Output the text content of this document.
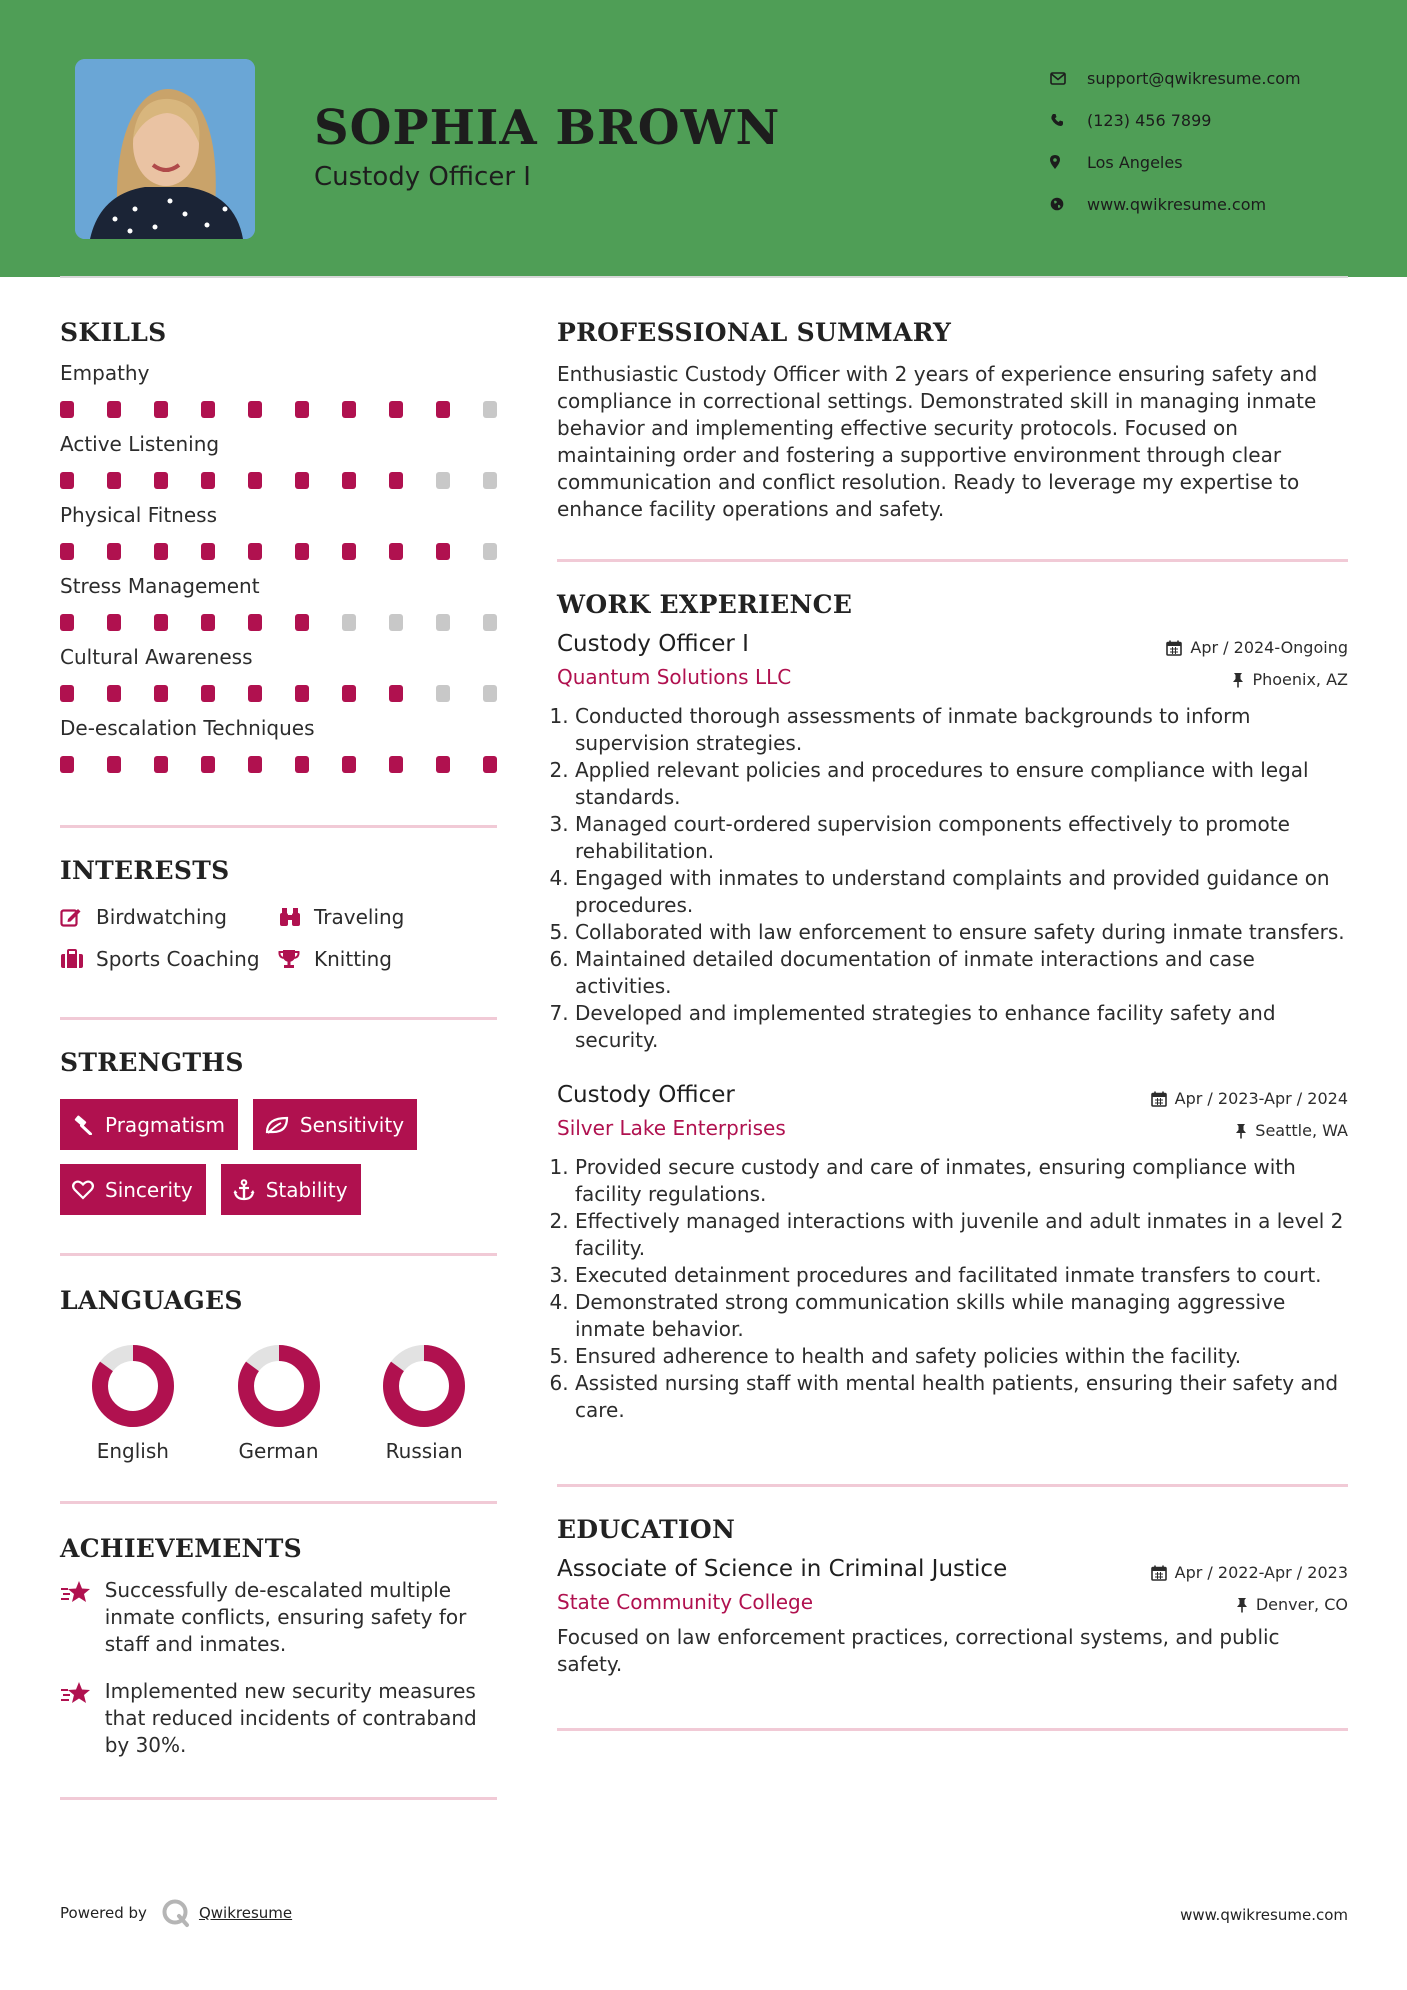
SOPHIA BROWN
Custody Officer I
support@qwikresume.com
(123) 456 7899
Los Angeles
www.qwikresume.com
SKILLS
Empathy
Active Listening
Physical Fitness
Stress Management
Cultural Awareness
De-escalation Techniques
INTERESTS
Birdwatching	Traveling
Sports Coaching	Knitting
STRENGTHS
Pragmatism	Sensitivity
Sincerity	Stability
LANGUAGES
English	German	Russian
ACHIEVEMENTS
Successfully de-escalated multiple inmate conflicts, ensuring safety for staff and inmates.
Implemented new security measures that reduced incidents of contraband by 30%.
PROFESSIONAL SUMMARY
Enthusiastic Custody Officer with 2 years of experience ensuring safety and compliance in correctional settings. Demonstrated skill in managing inmate behavior and implementing effective security protocols. Focused on maintaining order and fostering a supportive environment through clear communication and conflict resolution. Ready to leverage my expertise to enhance facility operations and safety.
WORK EXPERIENCE
Custody Officer I	Apr / 2024-Ongoing
Quantum Solutions LLC	Phoenix, AZ
1. Conducted thorough assessments of inmate backgrounds to inform supervision strategies.
2. Applied relevant policies and procedures to ensure compliance with legal standards.
3. Managed court-ordered supervision components effectively to promote rehabilitation.
4. Engaged with inmates to understand complaints and provided guidance on procedures.
5. Collaborated with law enforcement to ensure safety during inmate transfers.
6. Maintained detailed documentation of inmate interactions and case activities.
7. Developed and implemented strategies to enhance facility safety and security.
Custody Officer	Apr / 2023-Apr / 2024
Silver Lake Enterprises	Seattle, WA
1. Provided secure custody and care of inmates, ensuring compliance with facility regulations.
2. Effectively managed interactions with juvenile and adult inmates in a level 2 facility.
3. Executed detainment procedures and facilitated inmate transfers to court.
4. Demonstrated strong communication skills while managing aggressive inmate behavior.
5. Ensured adherence to health and safety policies within the facility.
6. Assisted nursing staff with mental health patients, ensuring their safety and care.
EDUCATION
Associate of Science in Criminal Justice	Apr / 2022-Apr / 2023
State Community College	Denver, CO
Focused on law enforcement practices, correctional systems, and public safety.
Powered by	Qwikresume	www.qwikresume.com
